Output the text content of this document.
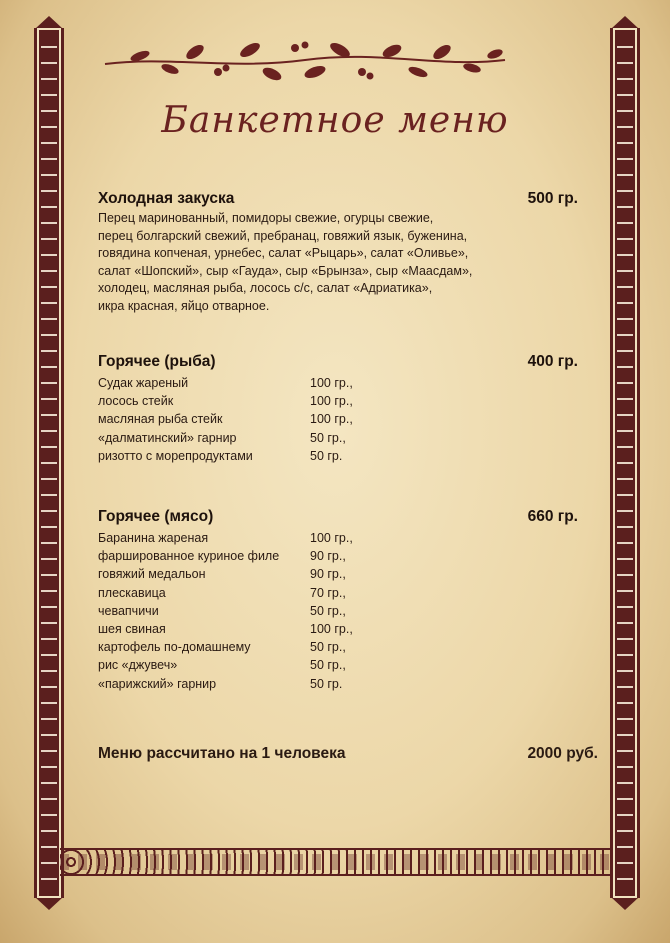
Банкетное меню
Холодная закуска	500 гр.
Перец маринованный, помидоры свежие, огурцы свежие,
перец болгарский свежий, пребранац, говяжий язык, буженина,
говядина копченая, урнебес, салат «Рыцарь», салат «Оливье»,
салат «Шопский», сыр «Гауда», сыр «Брынза», сыр «Маасдам»,
холодец, масляная рыба, лосось с/с, салат «Адриатика»,
икра красная, яйцо отварное.
Горячее (рыба)	400 гр.
Судак жареный	100 гр.,
лосось стейк	100 гр.,
масляная рыба стейк	100 гр.,
«далматинский» гарнир	50 гр.,
ризотто с морепродуктами	50 гр.
Горячее (мясо)	660 гр.
Баранина жареная	100 гр.,
фаршированное куриное филе	90 гр.,
говяжий медальон	90 гр.,
плескавица	70 гр.,
чевапчичи	50 гр.,
шея свиная	100 гр.,
картофель по-домашнему	50 гр.,
рис «джувеч»	50 гр.,
«парижский» гарнир	50 гр.
Меню рассчитано на 1 человека	2000 руб.
